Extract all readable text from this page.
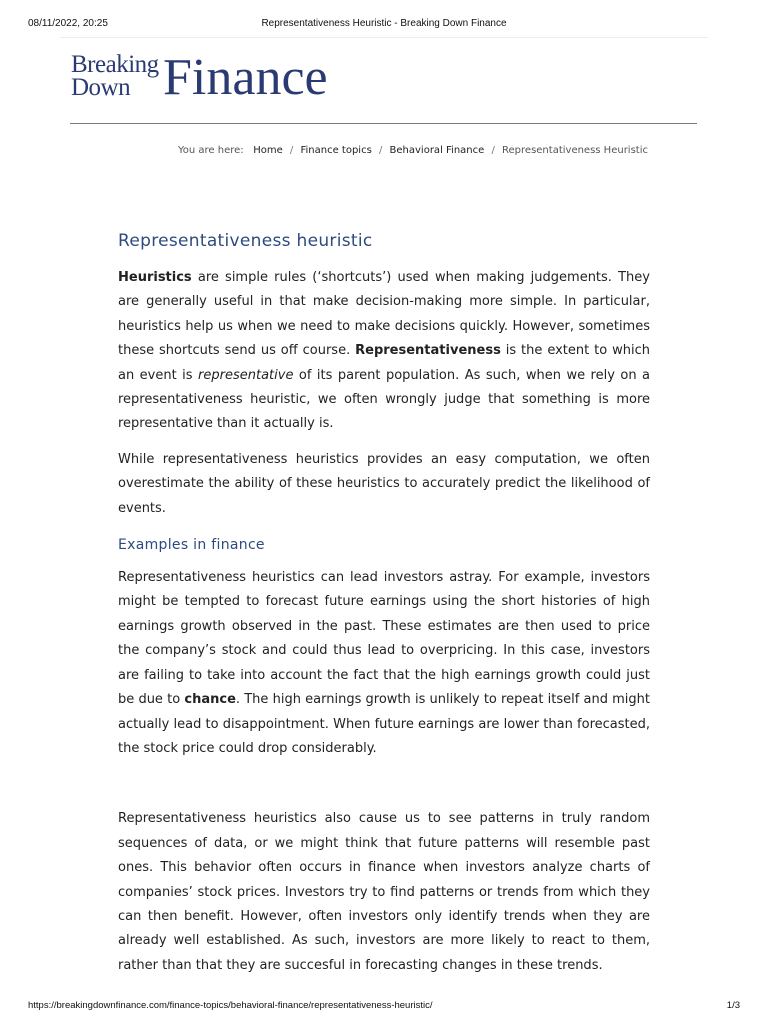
08/11/2022, 20:25	Representativeness Heuristic - Breaking Down Finance
Breaking
Down Finance
You are here: Home / Finance topics / Behavioral Finance / Representativeness Heuristic
Representativeness heuristic

Heuristics are simple rules (‘shortcuts’) used when making judgements. They are generally useful in that make decision-making more simple. In particular, heuristics help us when we need to make decisions quickly. However, sometimes these shortcuts send us off course. Representativeness is the extent to which an event is representative of its parent population. As such, when we rely on a representativeness heuristic, we often wrongly judge that something is more representative than it actually is.

While representativeness heuristics provides an easy computation, we often overestimate the ability of these heuristics to accurately predict the likelihood of events.

Examples in finance

Representativeness heuristics can lead investors astray. For example, investors might be tempted to forecast future earnings using the short histories of high earnings growth observed in the past. These estimates are then used to price the company’s stock and could thus lead to overpricing. In this case, investors are failing to take into account the fact that the high earnings growth could just be due to chance. The high earnings growth is unlikely to repeat itself and might actually lead to disappointment. When future earnings are lower than forecasted, the stock price could drop considerably.

Representativeness heuristics also cause us to see patterns in truly random sequences of data, or we might think that future patterns will resemble past ones. This behavior often occurs in finance when investors analyze charts of companies’ stock prices. Investors try to find patterns or trends from which they can then benefit. However, often investors only identify trends when they are already well established. As such, investors are more likely to react to them, rather than that they are succesful in forecasting changes in these trends.

https://breakingdownfinance.com/finance-topics/behavioral-finance/representativeness-heuristic/	1/3
